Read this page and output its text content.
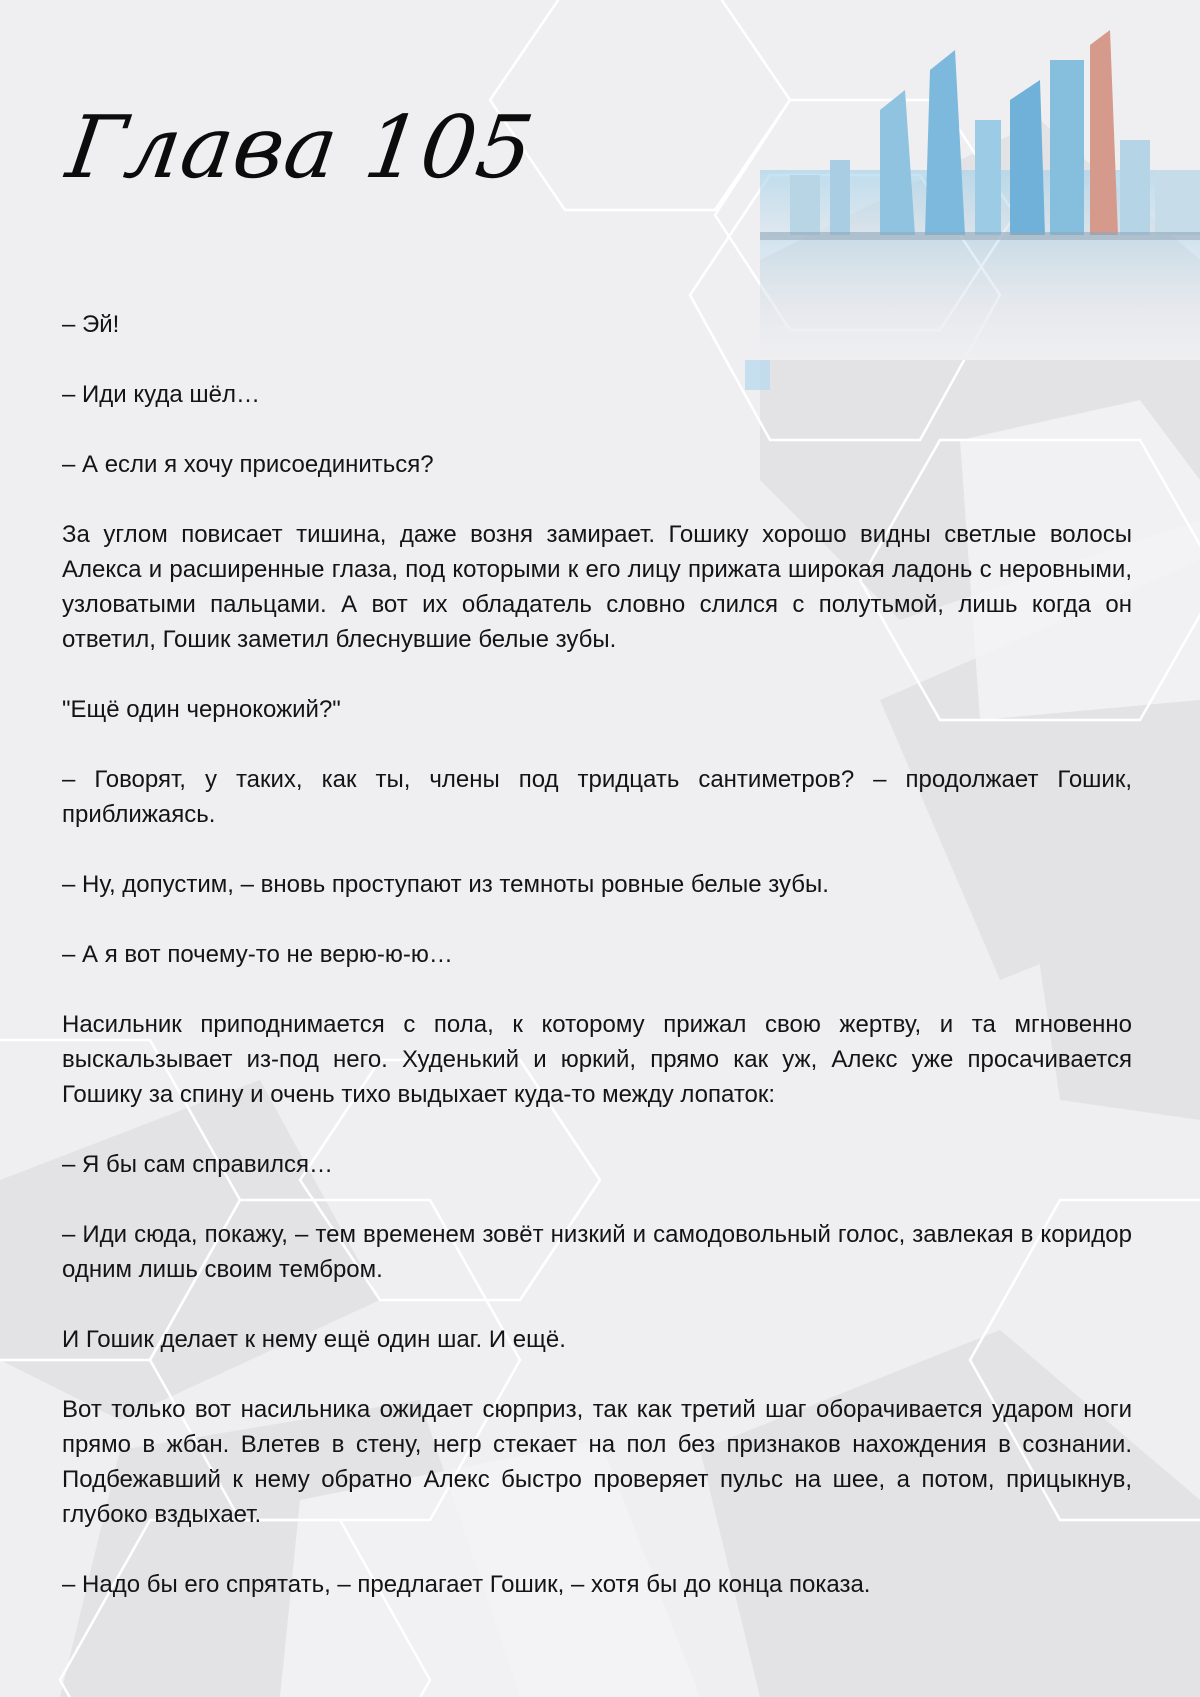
Глава 105

– Эй!

– Иди куда шёл…

– А если я хочу присоединиться?

За углом повисает тишина, даже возня замирает. Гошику хорошо видны светлые волосы Алекса и расширенные глаза, под которыми к его лицу прижата широкая ладонь с неровными, узловатыми пальцами. А вот их обладатель словно слился с полутьмой, лишь когда он ответил, Гошик заметил блеснувшие белые зубы.

"Ещё один чернокожий?"

– Говорят, у таких, как ты, члены под тридцать сантиметров? – продолжает Гошик, приближаясь.

– Ну, допустим, – вновь проступают из темноты ровные белые зубы.

– А я вот почему-то не верю-ю-ю…

Насильник приподнимается с пола, к которому прижал свою жертву, и та мгновенно выскальзывает из-под него. Худенький и юркий, прямо как уж, Алекс уже просачивается Гошику за спину и очень тихо выдыхает куда-то между лопаток:

– Я бы сам справился…

– Иди сюда, покажу, – тем временем зовёт низкий и самодовольный голос, завлекая в коридор одним лишь своим тембром.

И Гошик делает к нему ещё один шаг. И ещё.

Вот только вот насильника ожидает сюрприз, так как третий шаг оборачивается ударом ноги прямо в жбан. Влетев в стену, негр стекает на пол без признаков нахождения в сознании. Подбежавший к нему обратно Алекс быстро проверяет пульс на шее, а потом, прицыкнув, глубоко вздыхает.

– Надо бы его спрятать, – предлагает Гошик, – хотя бы до конца показа.
